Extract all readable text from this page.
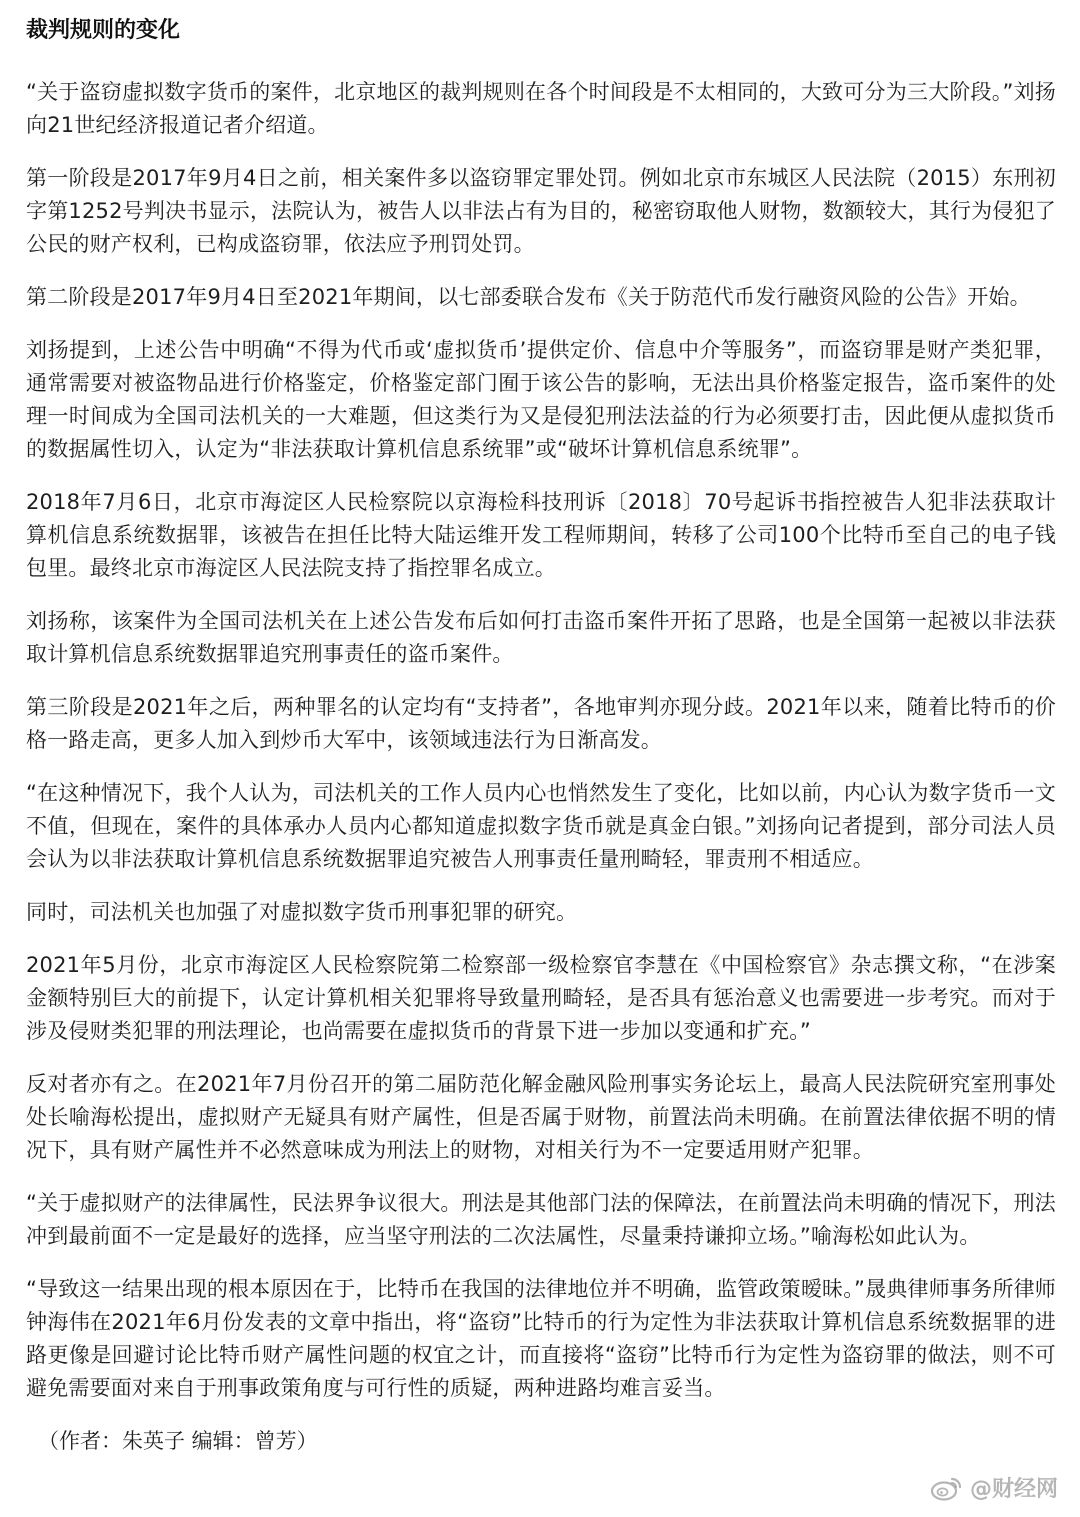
裁判规则的变化

“关于盗窃虚拟数字货币的案件，北京地区的裁判规则在各个时间段是不太相同的，大致可分为三大阶段。”刘扬向21世纪经济报道记者介绍道。

第一阶段是2017年9月4日之前，相关案件多以盗窃罪定罪处罚。例如北京市东城区人民法院（2015）东刑初字第1252号判决书显示，法院认为，被告人以非法占有为目的，秘密窃取他人财物，数额较大，其行为侵犯了公民的财产权利，已构成盗窃罪，依法应予刑罚处罚。

第二阶段是2017年9月4日至2021年期间，以七部委联合发布《关于防范代币发行融资风险的公告》开始。

刘扬提到，上述公告中明确“不得为代币或‘虚拟货币’提供定价、信息中介等服务”，而盗窃罪是财产类犯罪，通常需要对被盗物品进行价格鉴定，价格鉴定部门囿于该公告的影响，无法出具价格鉴定报告，盗币案件的处理一时间成为全国司法机关的一大难题，但这类行为又是侵犯刑法法益的行为必须要打击，因此便从虚拟货币的数据属性切入，认定为“非法获取计算机信息系统罪”或“破坏计算机信息系统罪”。

2018年7月6日，北京市海淀区人民检察院以京海检科技刑诉〔2018〕70号起诉书指控被告人犯非法获取计算机信息系统数据罪，该被告在担任比特大陆运维开发工程师期间，转移了公司100个比特币至自己的电子钱包里。最终北京市海淀区人民法院支持了指控罪名成立。

刘扬称，该案件为全国司法机关在上述公告发布后如何打击盗币案件开拓了思路，也是全国第一起被以非法获取计算机信息系统数据罪追究刑事责任的盗币案件。

第三阶段是2021年之后，两种罪名的认定均有“支持者”，各地审判亦现分歧。2021年以来，随着比特币的价格一路走高，更多人加入到炒币大军中，该领域违法行为日渐高发。

“在这种情况下，我个人认为，司法机关的工作人员内心也悄然发生了变化，比如以前，内心认为数字货币一文不值，但现在，案件的具体承办人员内心都知道虚拟数字货币就是真金白银。”刘扬向记者提到，部分司法人员会认为以非法获取计算机信息系统数据罪追究被告人刑事责任量刑畸轻，罪责刑不相适应。

同时，司法机关也加强了对虚拟数字货币刑事犯罪的研究。

2021年5月份，北京市海淀区人民检察院第二检察部一级检察官李慧在《中国检察官》杂志撰文称，“在涉案金额特别巨大的前提下，认定计算机相关犯罪将导致量刑畸轻，是否具有惩治意义也需要进一步考究。而对于涉及侵财类犯罪的刑法理论，也尚需要在虚拟货币的背景下进一步加以变通和扩充。”

反对者亦有之。在2021年7月份召开的第二届防范化解金融风险刑事实务论坛上，最高人民法院研究室刑事处处长喻海松提出，虚拟财产无疑具有财产属性，但是否属于财物，前置法尚未明确。在前置法律依据不明的情况下，具有财产属性并不必然意味成为刑法上的财物，对相关行为不一定要适用财产犯罪。

“关于虚拟财产的法律属性，民法界争议很大。刑法是其他部门法的保障法，在前置法尚未明确的情况下，刑法冲到最前面不一定是最好的选择，应当坚守刑法的二次法属性，尽量秉持谦抑立场。”喻海松如此认为。

“导致这一结果出现的根本原因在于，比特币在我国的法律地位并不明确，监管政策暧昧。”晟典律师事务所律师钟海伟在2021年6月份发表的文章中指出，将“盗窃”比特币的行为定性为非法获取计算机信息系统数据罪的进路更像是回避讨论比特币财产属性问题的权宜之计，而直接将“盗窃”比特币行为定性为盗窃罪的做法，则不可避免需要面对来自于刑事政策角度与可行性的质疑，两种进路均难言妥当。

（作者：朱英子 编辑：曾芳）
@财经网
